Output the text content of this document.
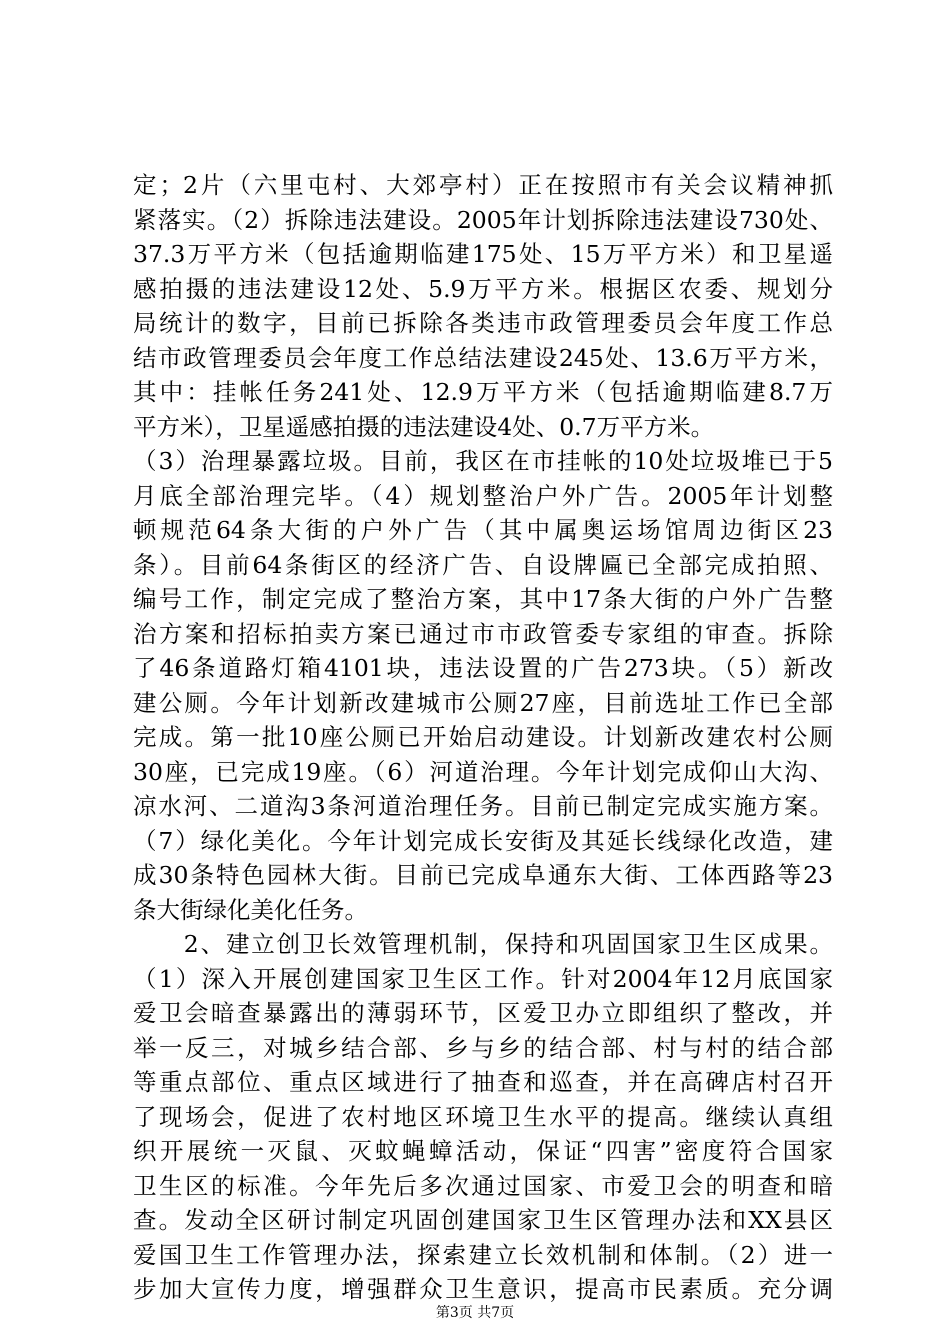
定；2片（六里屯村、大郊亭村）正在按照市有关会议精神抓
紧落实。（2）拆除违法建设。2005年计划拆除违法建设730处、
37.3万平方米（包括逾期临建175处、15万平方米）和卫星遥
感拍摄的违法建设12处、5.9万平方米。根据区农委、规划分
局统计的数字，目前已拆除各类违市政管理委员会年度工作总
结市政管理委员会年度工作总结法建设245处、13.6万平方米，
其中：挂帐任务241处、12.9万平方米（包括逾期临建8.7万
平方米），卫星遥感拍摄的违法建设4处、0.7万平方米。
（3）治理暴露垃圾。目前，我区在市挂帐的10处垃圾堆已于5
月底全部治理完毕。（4）规划整治户外广告。2005年计划整
顿规范64条大街的户外广告（其中属奥运场馆周边街区23
条）。目前64条街区的经济广告、自设牌匾已全部完成拍照、
编号工作，制定完成了整治方案，其中17条大街的户外广告整
治方案和招标拍卖方案已通过市市政管委专家组的审查。拆除
了46条道路灯箱4101块，违法设置的广告273块。（5）新改
建公厕。今年计划新改建城市公厕27座，目前选址工作已全部
完成。第一批10座公厕已开始启动建设。计划新改建农村公厕
30座，已完成19座。（6）河道治理。今年计划完成仰山大沟、
凉水河、二道沟3条河道治理任务。目前已制定完成实施方案。
（7）绿化美化。今年计划完成长安街及其延长线绿化改造，建
成30条特色园林大街。目前已完成阜通东大街、工体西路等23
条大街绿化美化任务。
　　2、建立创卫长效管理机制，保持和巩固国家卫生区成果。
（1）深入开展创建国家卫生区工作。针对2004年12月底国家
爱卫会暗查暴露出的薄弱环节，区爱卫办立即组织了整改，并
举一反三，对城乡结合部、乡与乡的结合部、村与村的结合部
等重点部位、重点区域进行了抽查和巡查，并在高碑店村召开
了现场会，促进了农村地区环境卫生水平的提高。继续认真组
织开展统一灭鼠、灭蚊蝇蟑活动，保证“四害”密度符合国家
卫生区的标准。今年先后多次通过国家、市爱卫会的明查和暗
查。发动全区研讨制定巩固创建国家卫生区管理办法和XX县区
爱国卫生工作管理办法，探索建立长效机制和体制。（2）进一
步加大宣传力度，增强群众卫生意识，提高市民素质。充分调
第3页 共7页
